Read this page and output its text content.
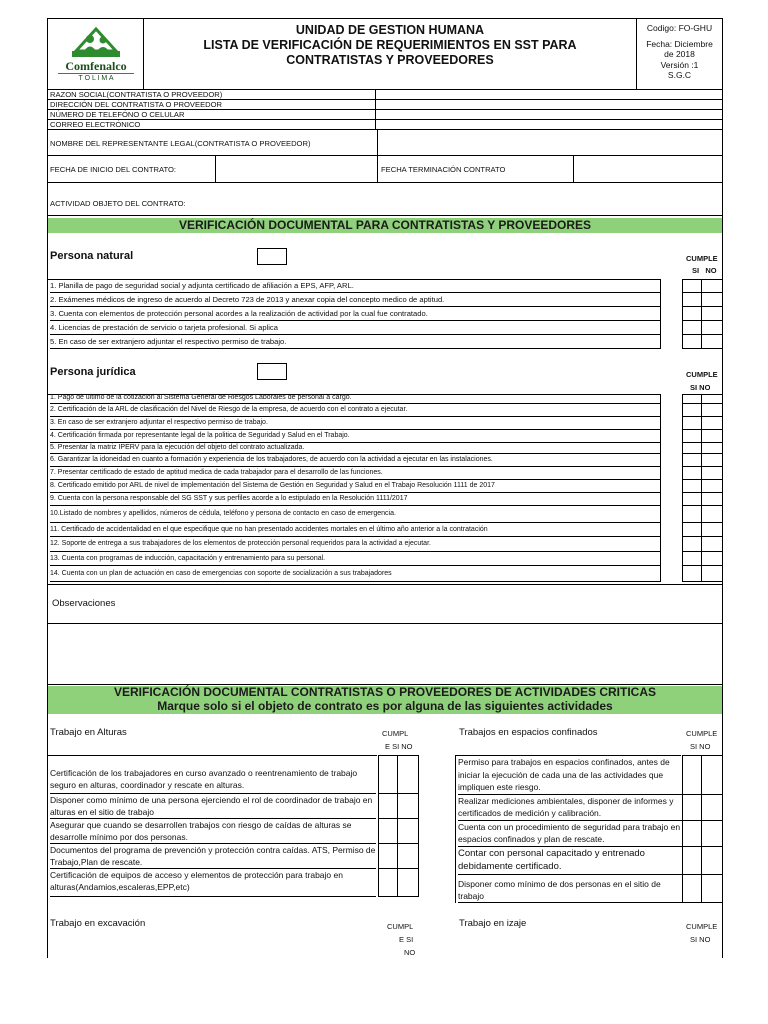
Comfenalco
T O L I M A
UNIDAD DE GESTION HUMANA
LISTA DE VERIFICACIÓN DE REQUERIMIENTOS EN SST PARA
CONTRATISTAS Y PROVEEDORES
Codigo: FO-GHU
Fecha: Diciembre
de 2018
Versión :1
S.G.C
RAZON SOCIAL(CONTRATISTA O PROVEEDOR)
DIRECCIÓN DEL CONTRATISTA O PROVEEDOR
NÚMERO DE TELEFÓNO O CELULAR
CORREO ELECTRÓNICO
NOMBRE DEL REPRESENTANTE LEGAL(CONTRATISTA O PROVEEDOR)
FECHA DE INICIO DEL CONTRATO:	FECHA TERMINACIÓN CONTRATO
ACTIVIDAD OBJETO DEL CONTRATO:
VERIFICACIÓN DOCUMENTAL PARA CONTRATISTAS Y PROVEEDORES
Persona natural	CUMPLE
SI   NO
1. Planilla de pago de seguridad social y adjunta certificado de afiliación a EPS, AFP, ARL.
2. Exámenes médicos de ingreso de acuerdo al Decreto 723 de 2013 y anexar copia del concepto medico de aptitud.
3. Cuenta con elementos de protección personal acordes a la realización de actividad por la cual fue contratado.
4. Licencias de prestación de servicio o tarjeta profesional. Si aplica
5. En caso de ser extranjero adjuntar el respectivo permiso de trabajo.
Persona jurídica	CUMPLE
SI NO
1. Pago de último de la cotización al Sistema General de Riesgos Laborales de personal a cargo.
2. Certificación de la ARL de clasificación del Nivel de Riesgo de la empresa, de acuerdo con el contrato a ejecutar.
3. En caso de ser extranjero adjuntar el respectivo permiso de trabajo.
4. Certificación firmada por representante legal de la politica de Seguridad y Salud en el Trabajo.
5. Presentar la matriz IPERV para la ejecución del objeto del contrato actualizada.
6. Garantizar la idoneidad en cuanto a formación y experiencia de los trabajadores, de acuerdo con la actividad a ejecutar en las instalaciones.
7. Presentar certificado de estado de aptitud medica de cada trabajador para el desarrollo de las funciones.
8. Certificado emitido por ARL de nivel de implementación del Sistema de Gestión en Seguridad y Salud en el Trabajo Resolución 1111 de 2017
9. Cuenta con la persona responsable del SG SST y sus perfiles acorde a lo estipulado en la Resolución 1111/2017
10.Listado de nombres y apellidos, números de cédula, teléfono y persona de contacto en caso de emergencia.
11. Certificado de accidentalidad en el que especifique que no han presentado accidentes mortales en el último año anterior a la contratación
12. Soporte de entrega a sus trabajadores de los elementos de protección personal requeridos para la actividad a ejecutar.
13. Cuenta con programas de inducción, capacitación y entrenamiento para su personal.
14. Cuenta con un plan de actuación en caso de emergencias con soporte de socialización a sus trabajadores
Observaciones
VERIFICACIÓN DOCUMENTAL CONTRATISTAS O PROVEEDORES DE ACTIVIDADES CRITICAS
Marque solo si el objeto de contrato es por alguna de las siguientes actividades
Trabajo en Alturas	CUMPL
E SI NO
Certificación de los trabajadores en curso avanzado o reentrenamiento de trabajo seguro en alturas, coordinador y rescate en alturas.
Disponer como mínimo de una persona ejerciendo el rol de coordinador de trabajo en alturas en el sitio de trabajo
Asegurar que cuando se desarrollen trabajos con riesgo de caídas de alturas se desarrolle mínimo por dos personas.
Documentos del programa de prevención y protección contra caídas. ATS, Permiso de Trabajo,Plan de rescate.
Certificación de equipos de acceso y elementos de protección para trabajo en alturas(Andamios,escaleras,EPP,etc)
Trabajos en espacios confinados	CUMPLE
SI NO
Permiso para trabajos en espacios confinados, antes de iniciar la ejecución de cada una de las actividades que impliquen este riesgo.
Realizar mediciones ambientales, disponer de informes y certificados de medición y calibración.
Cuenta con un procedimiento de seguridad para trabajo en espacios confinados y plan de rescate.
Contar con personal capacitado y entrenado debidamente certificado.
Disponer como mínimo de dos personas en el sitio de trabajo
Trabajo en excavación	CUMPL
E SI
NO
Trabajo en izaje	CUMPLE
SI NO
